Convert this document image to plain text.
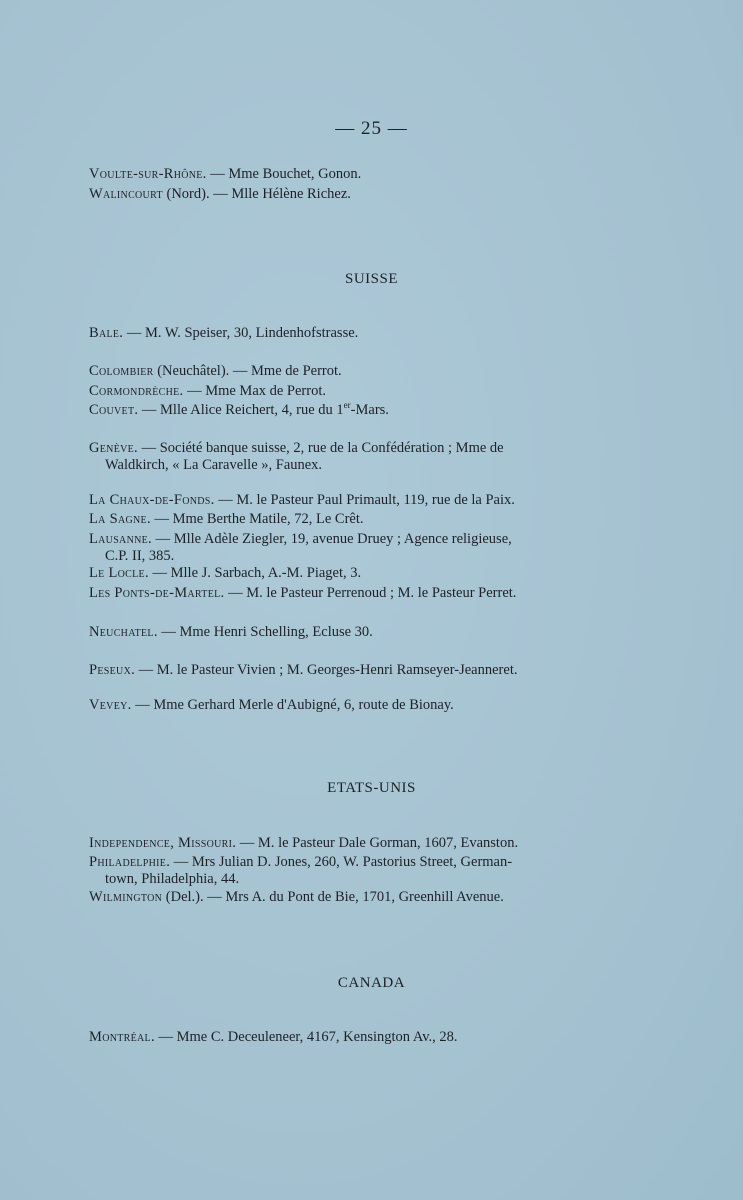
— 25 —
Voulte-sur-Rhône. — Mme Bouchet, Gonon.
Walincourt (Nord). — Mlle Hélène Richez.
SUISSE
Bale. — M. W. Speiser, 30, Lindenhofstrasse.
Colombier (Neuchâtel). — Mme de Perrot.
Cormondrèche. — Mme Max de Perrot.
Couvet. — Mlle Alice Reichert, 4, rue du 1er-Mars.
Genève. — Société banque suisse, 2, rue de la Confédération ; Mme de
Waldkirch, « La Caravelle », Faunex.
La Chaux-de-Fonds. — M. le Pasteur Paul Primault, 119, rue de la Paix.
La Sagne. — Mme Berthe Matile, 72, Le Crêt.
Lausanne. — Mlle Adèle Ziegler, 19, avenue Druey ; Agence religieuse,
C.P. II, 385.
Le Locle. — Mlle J. Sarbach, A.-M. Piaget, 3.
Les Ponts-de-Martel. — M. le Pasteur Perrenoud ; M. le Pasteur Perret.
Neuchatel. — Mme Henri Schelling, Ecluse 30.
Peseux. — M. le Pasteur Vivien ; M. Georges-Henri Ramseyer-Jeanneret.
Vevey. — Mme Gerhard Merle d'Aubigné, 6, route de Bionay.
ETATS-UNIS
Independence, Missouri. — M. le Pasteur Dale Gorman, 1607, Evanston.
Philadelphie. — Mrs Julian D. Jones, 260, W. Pastorius Street, German-
town, Philadelphia, 44.
Wilmington (Del.). — Mrs A. du Pont de Bie, 1701, Greenhill Avenue.
CANADA
Montréal. — Mme C. Deceuleneer, 4167, Kensington Av., 28.
